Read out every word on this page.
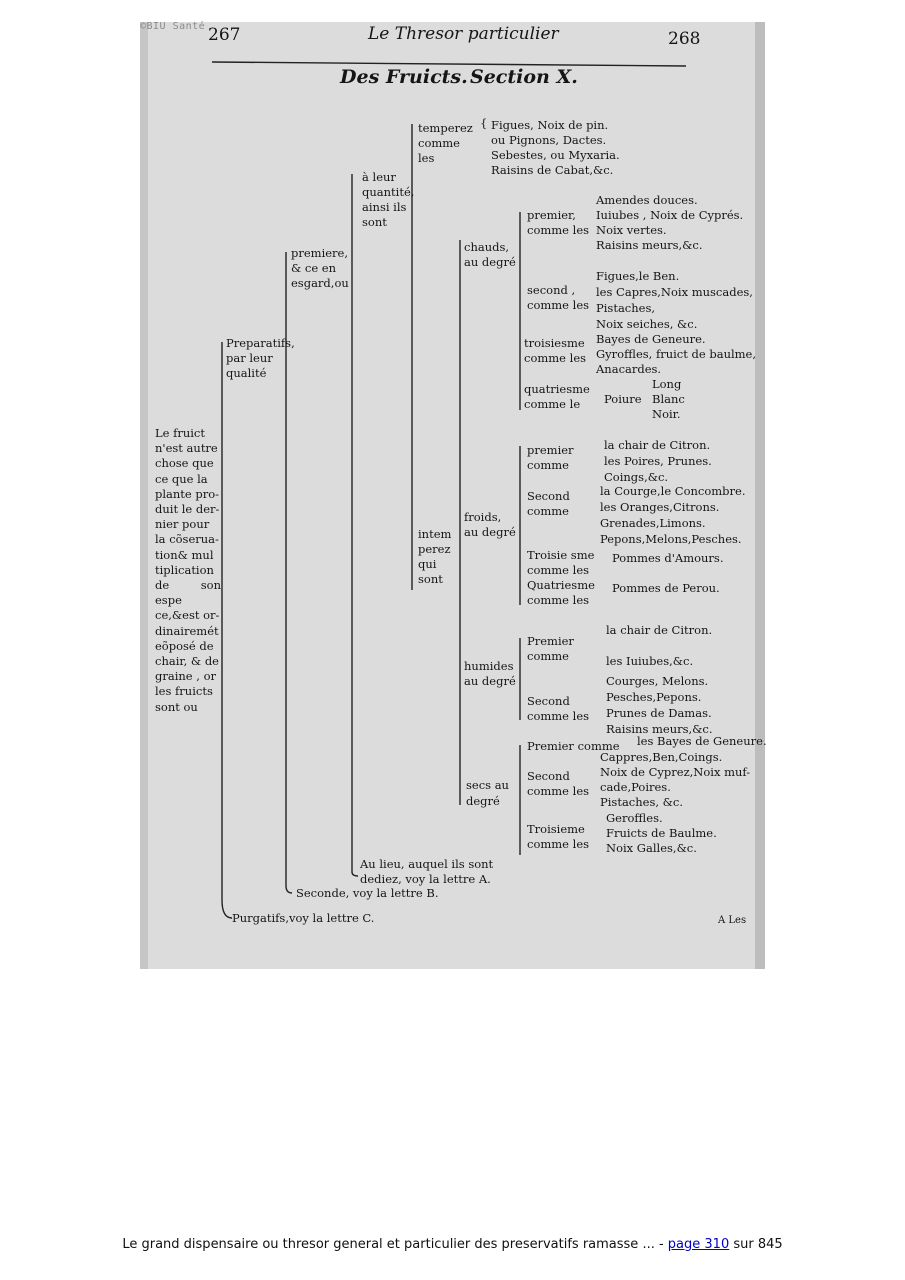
©BIU Santé 267	Le Thresor particulier	268
Des Fruicts. Section X.
Le fruict
n'est autre
chose que
ce que la
plante pro-
duit le der-
nier pour
la cõserua-
tion& mul
tiplication
de son espe
ce,&est or-
dinairemét
eõposé de
chair, & de
graine , or
les fruicts
sont ou
Preparatifs,
par leur
qualité
premiere,
& ce en
esgard,ou
à leur
quantité,
ainsi ils
sont
temperez
comme
les
{ Figues, Noix de pin.
ou Pignons, Dactes.
Sebestes, ou Myxaria.
Raisins de Cabat,&c.
intem
perez
qui
sont
chauds,
au degré
premier,
comme les
Amendes douces.
Iuiubes , Noix de Cyprés.
Noix vertes.
Raisins meurs,&c.
second ,
comme les
Figues,le Ben.
les Capres,Noix muscades,
Pistaches,
Noix seiches, &c.
troisiesme
comme les
Bayes de Geneure.
Gyroffles, fruict de baulme,
Anacardes.
quatriesme
comme le Poiure
Long
Blanc
Noir.
froids,
au degré
premier
comme
la chair de Citron.
les Poires, Prunes.
Coings,&c.
Second
comme
la Courge,le Concombre.
les Oranges,Citrons.
Grenades,Limons.
Pepons,Melons,Pesches.
Troisie sme
comme les
Pommes d'Amours.
Quatriesme
comme les
Pommes de Perou.
humides
au degré
Premier
comme
la chair de Citron.
les Iuiubes,&c.
Second
comme les
Courges, Melons.
Pesches,Pepons.
Prunes de Damas.
Raisins meurs,&c.
secs au
degré
Premier comme les Bayes de Geneure.
Second
comme les
Cappres,Ben,Coings.
Noix de Cyprez,Noix muf-
cade,Poires.
Pistaches, &c.
Troisieme
comme les
Geroffles.
Fruicts de Baulme.
Noix Galles,&c.
Au lieu, auquel ils sont
dediez, voy la lettre A.
Seconde, voy la lettre B.
Purgatifs,voy la lettre C.	A Les
Le grand dispensaire ou thresor general et particulier des preservatifs ramasse ... - page 310 sur 845
